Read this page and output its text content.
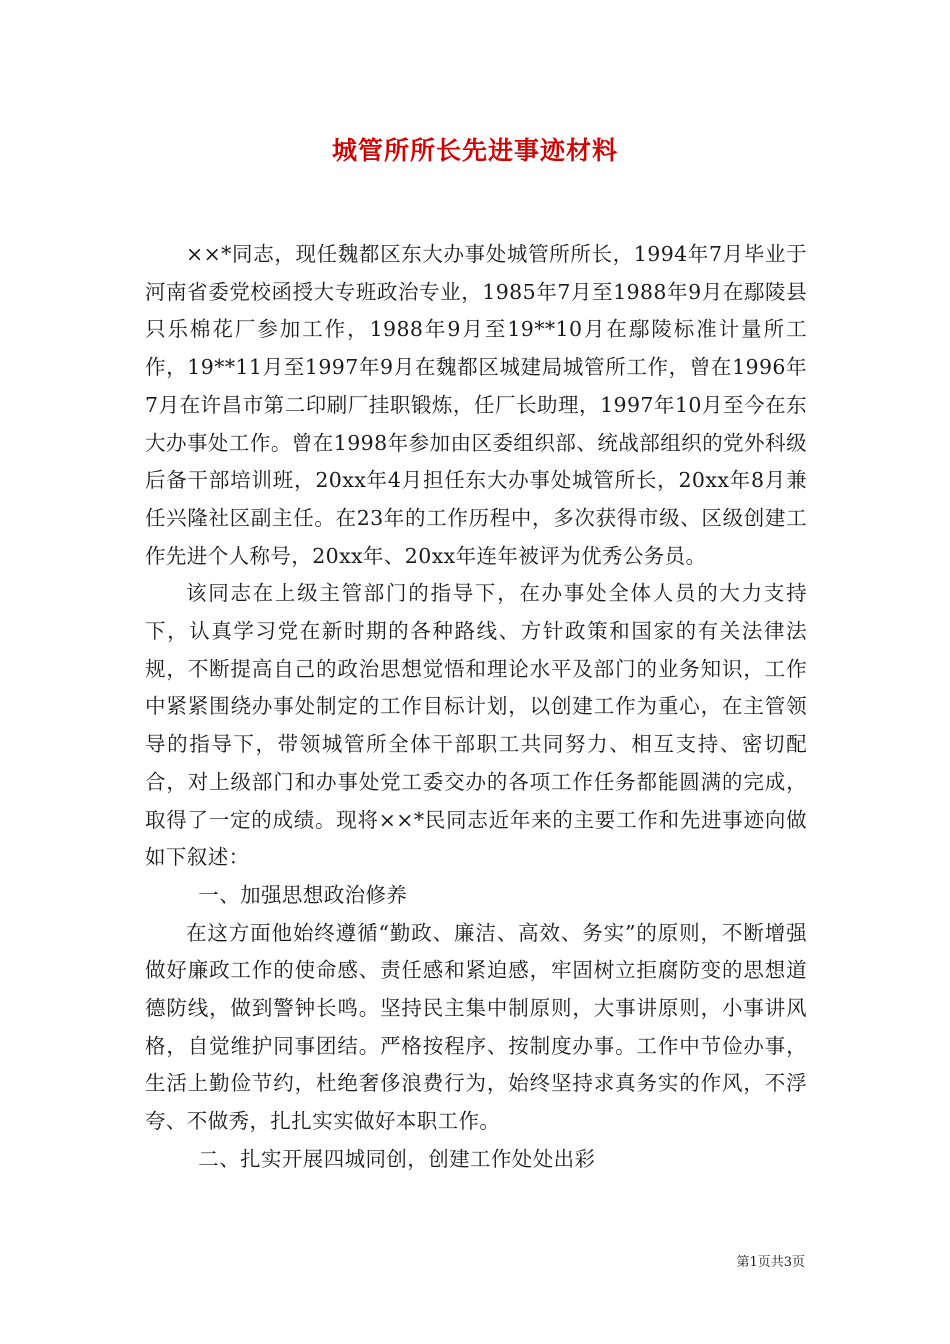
城管所所长先进事迹材料

××*同志，现任魏都区东大办事处城管所所长，1994年7月毕业于河南省委党校函授大专班政治专业，1985年7月至1988年9月在鄢陵县只乐棉花厂参加工作，1988年9月至19**10月在鄢陵标准计量所工作，19**11月至1997年9月在魏都区城建局城管所工作，曾在1996年7月在许昌市第二印刷厂挂职锻炼，任厂长助理，1997年10月至今在东大办事处工作。曾在1998年参加由区委组织部、统战部组织的党外科级后备干部培训班，20xx年4月担任东大办事处城管所长，20xx年8月兼任兴隆社区副主任。在23年的工作历程中，多次获得市级、区级创建工作先进个人称号，20xx年、20xx年连年被评为优秀公务员。

该同志在上级主管部门的指导下，在办事处全体人员的大力支持下，认真学习党在新时期的各种路线、方针政策和国家的有关法律法规，不断提高自己的政治思想觉悟和理论水平及部门的业务知识，工作中紧紧围绕办事处制定的工作目标计划，以创建工作为重心，在主管领导的指导下，带领城管所全体干部职工共同努力、相互支持、密切配合，对上级部门和办事处党工委交办的各项工作任务都能圆满的完成，取得了一定的成绩。现将××*民同志近年来的主要工作和先进事迹向做如下叙述：

一、加强思想政治修养

在这方面他始终遵循“勤政、廉洁、高效、务实”的原则，不断增强做好廉政工作的使命感、责任感和紧迫感，牢固树立拒腐防变的思想道德防线，做到警钟长鸣。坚持民主集中制原则，大事讲原则，小事讲风格，自觉维护同事团结。严格按程序、按制度办事。工作中节俭办事，生活上勤俭节约，杜绝奢侈浪费行为，始终坚持求真务实的作风，不浮夸、不做秀，扎扎实实做好本职工作。

二、扎实开展四城同创，创建工作处处出彩

第1页共3页
